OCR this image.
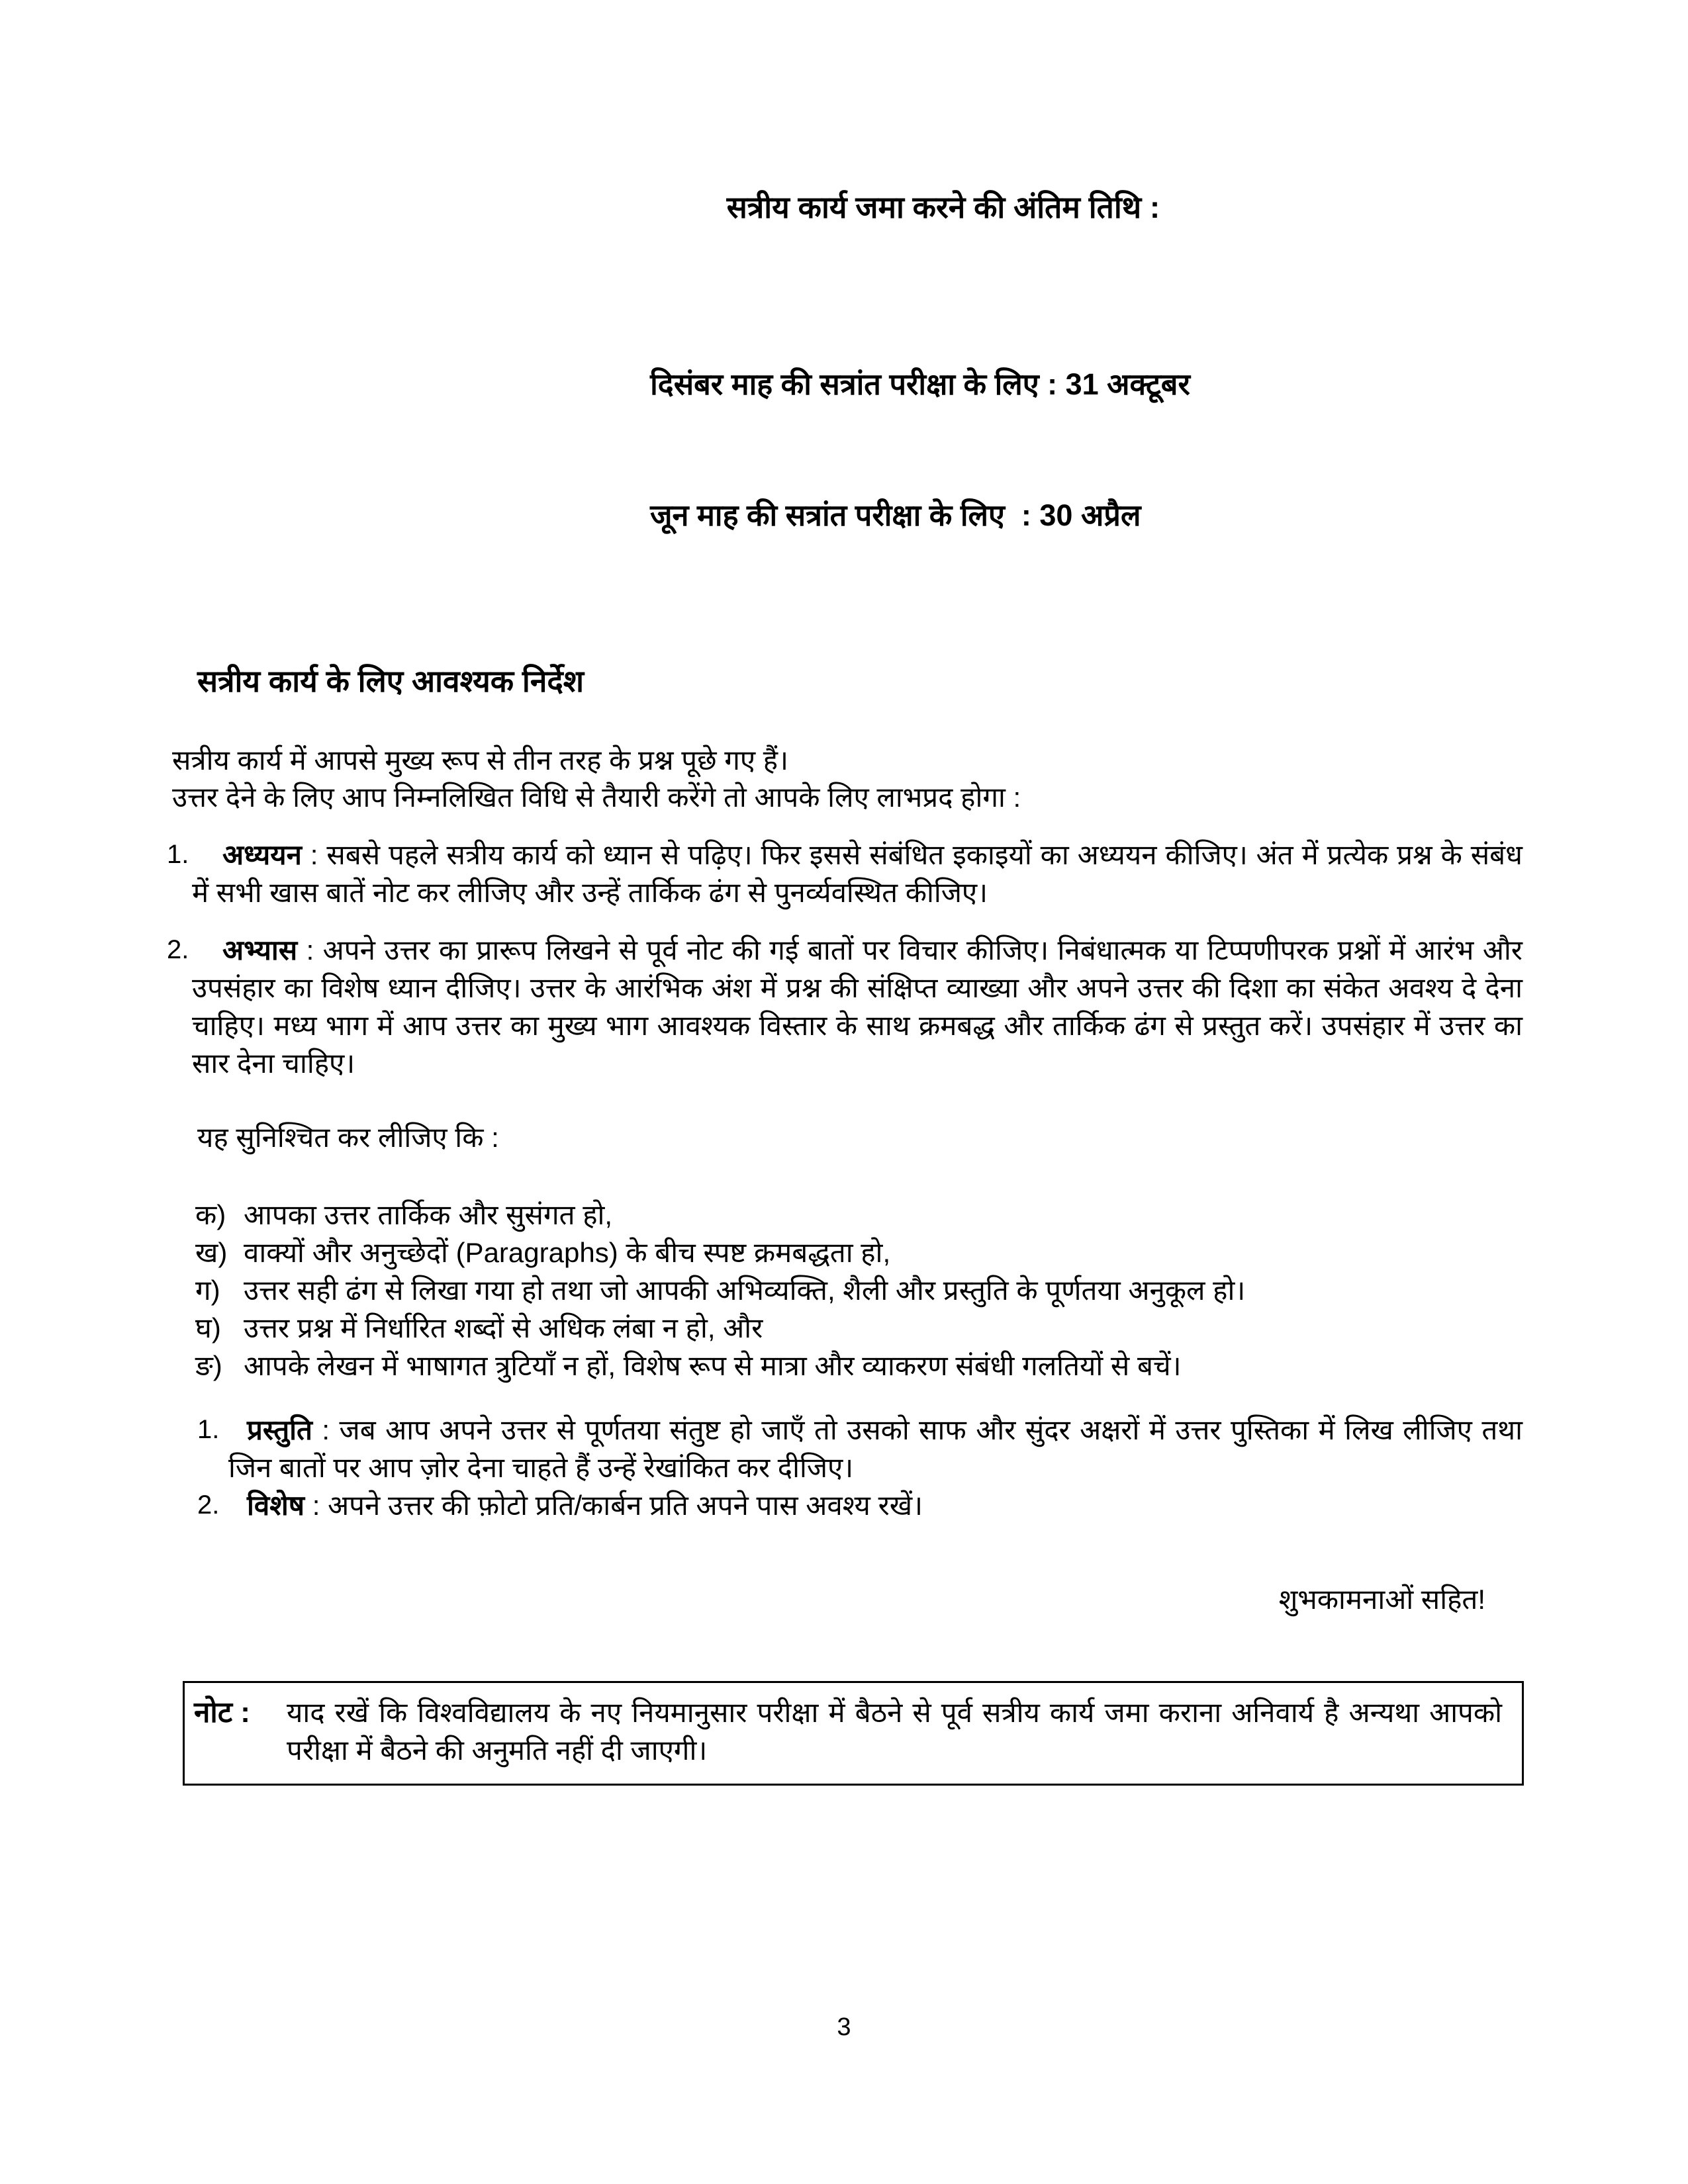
सत्रीय कार्य जमा करने की अंतिम तिथि :

दिसंबर माह की सत्रांत परीक्षा के लिए : 31 अक्टूबर

जून माह की सत्रांत परीक्षा के लिए  : 30 अप्रैल

सत्रीय कार्य के लिए आवश्यक निर्देश
सत्रीय कार्य में आपसे मुख्य रूप से तीन तरह के प्रश्न पूछे गए हैं।
उत्तर देने के लिए आप निम्नलिखित विधि से तैयारी करेंगे तो आपके लिए लाभप्रद होगा :
1. अध्ययन : सबसे पहले सत्रीय कार्य को ध्यान से पढ़िए। फिर इससे संबंधित इकाइयों का अध्ययन कीजिए। अंत में प्रत्येक प्रश्न के संबंध में सभी खास बातें नोट कर लीजिए और उन्हें तार्किक ढंग से पुनर्व्यवस्थित कीजिए।
2. अभ्यास : अपने उत्तर का प्रारूप लिखने से पूर्व नोट की गई बातों पर विचार कीजिए। निबंधात्मक या टिप्पणीपरक प्रश्नों में आरंभ और उपसंहार का विशेष ध्यान दीजिए। उत्तर के आरंभिक अंश में प्रश्न की संक्षिप्त व्याख्या और अपने उत्तर की दिशा का संकेत अवश्य दे देना चाहिए। मध्य भाग में आप उत्तर का मुख्य भाग आवश्यक विस्तार के साथ क्रमबद्ध और तार्किक ढंग से प्रस्तुत करें। उपसंहार में उत्तर का सार देना चाहिए।
यह सुनिश्चित कर लीजिए कि :
क) आपका उत्तर तार्किक और सुसंगत हो,
ख) वाक्यों और अनुच्छेदों (Paragraphs) के बीच स्पष्ट क्रमबद्धता हो,
ग) उत्तर सही ढंग से लिखा गया हो तथा जो आपकी अभिव्यक्ति, शैली और प्रस्तुति के पूर्णतया अनुकूल हो।
घ) उत्तर प्रश्न में निर्धारित शब्दों से अधिक लंबा न हो, और
ङ) आपके लेखन में भाषागत त्रुटियाँ न हों, विशेष रूप से मात्रा और व्याकरण संबंधी गलतियों से बचें।
1. प्रस्तुति : जब आप अपने उत्तर से पूर्णतया संतुष्ट हो जाएँ तो उसको साफ और सुंदर अक्षरों में उत्तर पुस्तिका में लिख लीजिए तथा जिन बातों पर आप ज़ोर देना चाहते हैं उन्हें रेखांकित कर दीजिए।
2. विशेष : अपने उत्तर की फ़ोटो प्रति/कार्बन प्रति अपने पास अवश्य रखें।
शुभकामनाओं सहित!
नोट :	याद रखें कि विश्वविद्यालय के नए नियमानुसार परीक्षा में बैठने से पूर्व सत्रीय कार्य जमा कराना अनिवार्य है अन्यथा आपको परीक्षा में बैठने की अनुमति नहीं दी जाएगी।
3
